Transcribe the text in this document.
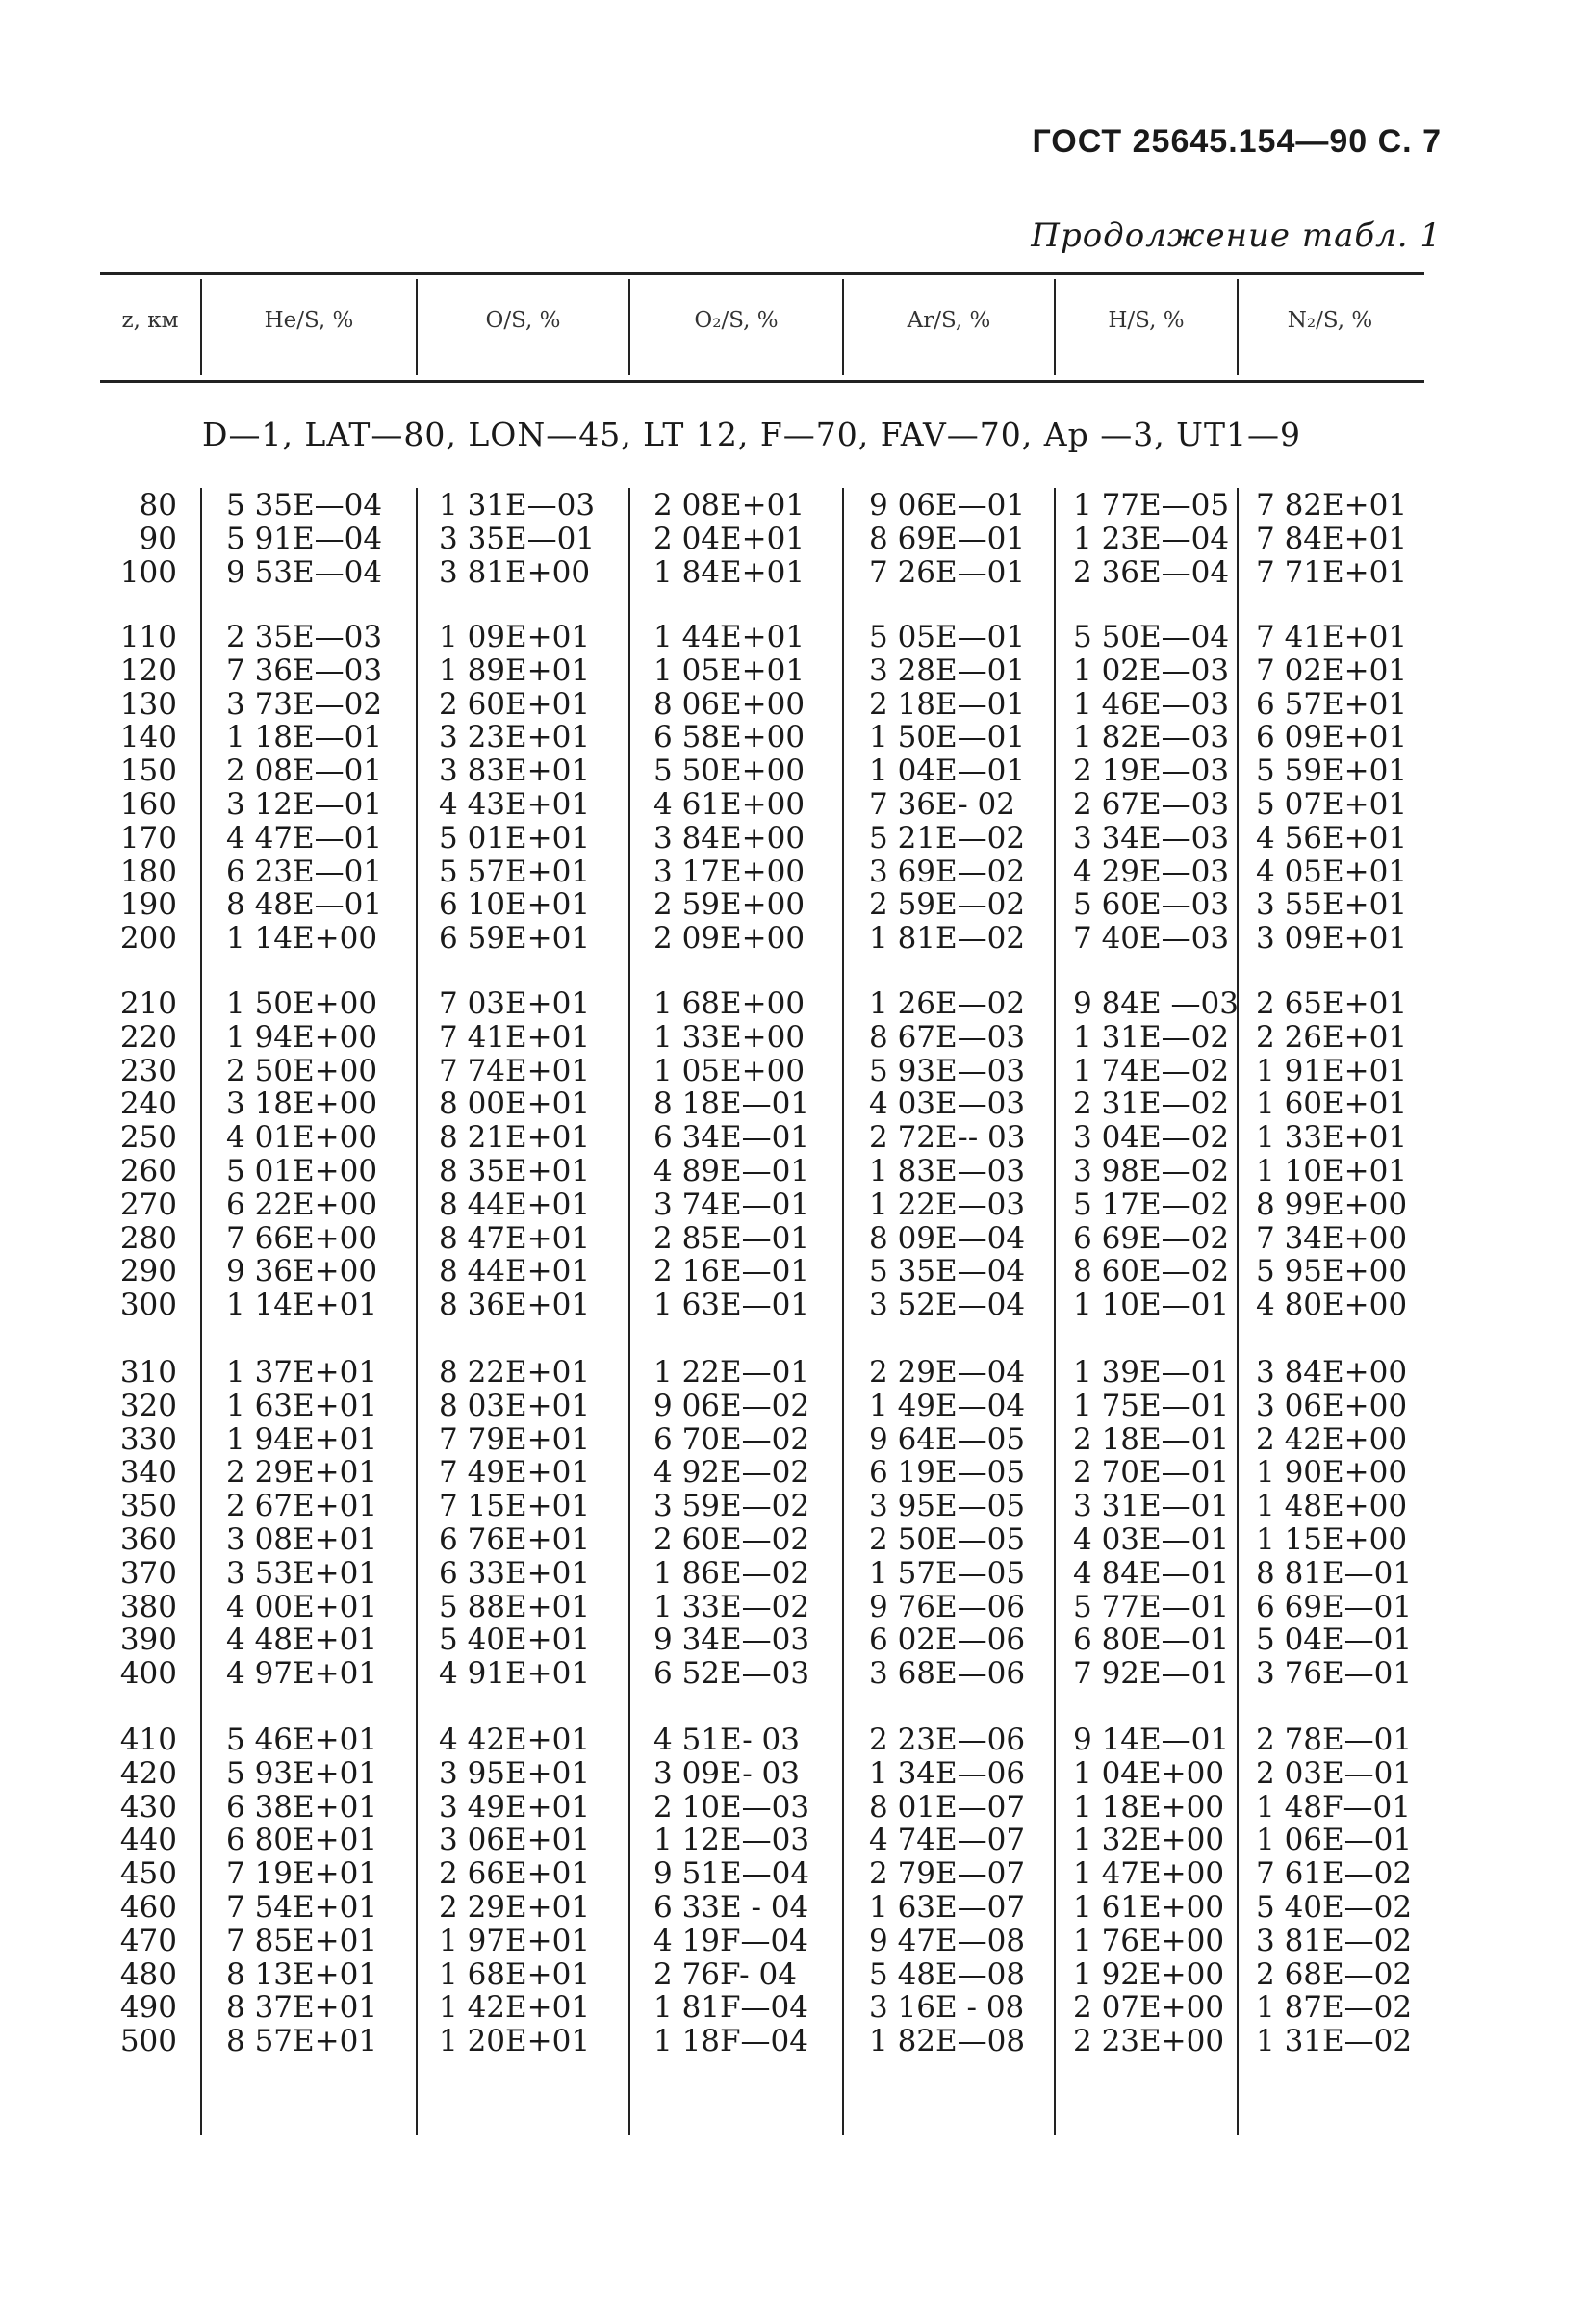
ГОСТ 25645.154—90 С. 7
Продолжение табл. 1
z, км	He/S, %	O/S, %	O₂/S, %	Ar/S, %	H/S, %	N₂/S, %
D—1, LAT—80, LON—45, LT 12, F—70, FAV—70, Ap —3, UT1—9
80 5 35E—04 1 31E—03 2 08E+01 9 06E—01 1 77E—05 7 82E+01
90 5 91E—04 3 35E—01 2 04E+01 8 69E—01 1 23E—04 7 84E+01
100 9 53E—04 3 81E+00 1 84E+01 7 26E—01 2 36E—04 7 71E+01
110 2 35E—03 1 09E+01 1 44E+01 5 05E—01 5 50E—04 7 41E+01
120 7 36E—03 1 89E+01 1 05E+01 3 28E—01 1 02E—03 7 02E+01
130 3 73E—02 2 60E+01 8 06E+00 2 18E—01 1 46E—03 6 57E+01
140 1 18E—01 3 23E+01 6 58E+00 1 50E—01 1 82E—03 6 09E+01
150 2 08E—01 3 83E+01 5 50E+00 1 04E—01 2 19E—03 5 59E+01
160 3 12E—01 4 43E+01 4 61E+00 7 36E- 02 2 67E—03 5 07E+01
170 4 47E—01 5 01E+01 3 84E+00 5 21E—02 3 34E—03 4 56E+01
180 6 23E—01 5 57E+01 3 17E+00 3 69E—02 4 29E—03 4 05E+01
190 8 48E—01 6 10E+01 2 59E+00 2 59E—02 5 60E—03 3 55E+01
200 1 14E+00 6 59E+01 2 09E+00 1 81E—02 7 40E—03 3 09E+01
210 1 50E+00 7 03E+01 1 68E+00 1 26E—02 9 84E —03 2 65E+01
220 1 94E+00 7 41E+01 1 33E+00 8 67E—03 1 31E—02 2 26E+01
230 2 50E+00 7 74E+01 1 05E+00 5 93E—03 1 74E—02 1 91E+01
240 3 18E+00 8 00E+01 8 18E—01 4 03E—03 2 31E—02 1 60E+01
250 4 01E+00 8 21E+01 6 34E—01 2 72E-- 03 3 04E—02 1 33E+01
260 5 01E+00 8 35E+01 4 89E—01 1 83E—03 3 98E—02 1 10E+01
270 6 22E+00 8 44E+01 3 74E—01 1 22E—03 5 17E—02 8 99E+00
280 7 66E+00 8 47E+01 2 85E—01 8 09E—04 6 69E—02 7 34E+00
290 9 36E+00 8 44E+01 2 16E—01 5 35E—04 8 60E—02 5 95E+00
300 1 14E+01 8 36E+01 1 63E—01 3 52E—04 1 10E—01 4 80E+00
310 1 37E+01 8 22E+01 1 22E—01 2 29E—04 1 39E—01 3 84E+00
320 1 63E+01 8 03E+01 9 06E—02 1 49E—04 1 75E—01 3 06E+00
330 1 94E+01 7 79E+01 6 70E—02 9 64E—05 2 18E—01 2 42E+00
340 2 29E+01 7 49E+01 4 92E—02 6 19E—05 2 70E—01 1 90E+00
350 2 67E+01 7 15E+01 3 59E—02 3 95E—05 3 31E—01 1 48E+00
360 3 08E+01 6 76E+01 2 60E—02 2 50E—05 4 03E—01 1 15E+00
370 3 53E+01 6 33E+01 1 86E—02 1 57E—05 4 84E—01 8 81E—01
380 4 00E+01 5 88E+01 1 33E—02 9 76E—06 5 77E—01 6 69E—01
390 4 48E+01 5 40E+01 9 34E—03 6 02E—06 6 80E—01 5 04E—01
400 4 97E+01 4 91E+01 6 52E—03 3 68E—06 7 92E—01 3 76E—01
410 5 46E+01 4 42E+01 4 51E- 03 2 23E—06 9 14E—01 2 78E—01
420 5 93E+01 3 95E+01 3 09E- 03 1 34E—06 1 04E+00 2 03E—01
430 6 38E+01 3 49E+01 2 10E—03 8 01E—07 1 18E+00 1 48F—01
440 6 80E+01 3 06E+01 1 12E—03 4 74E—07 1 32E+00 1 06E—01
450 7 19E+01 2 66E+01 9 51E—04 2 79E—07 1 47E+00 7 61E—02
460 7 54E+01 2 29E+01 6 33E - 04 1 63E—07 1 61E+00 5 40E—02
470 7 85E+01 1 97E+01 4 19F—04 9 47E—08 1 76E+00 3 81E—02
480 8 13E+01 1 68E+01 2 76F- 04 5 48E—08 1 92E+00 2 68E—02
490 8 37E+01 1 42E+01 1 81F—04 3 16E - 08 2 07E+00 1 87E—02
500 8 57E+01 1 20E+01 1 18F—04 1 82E—08 2 23E+00 1 31E—02
